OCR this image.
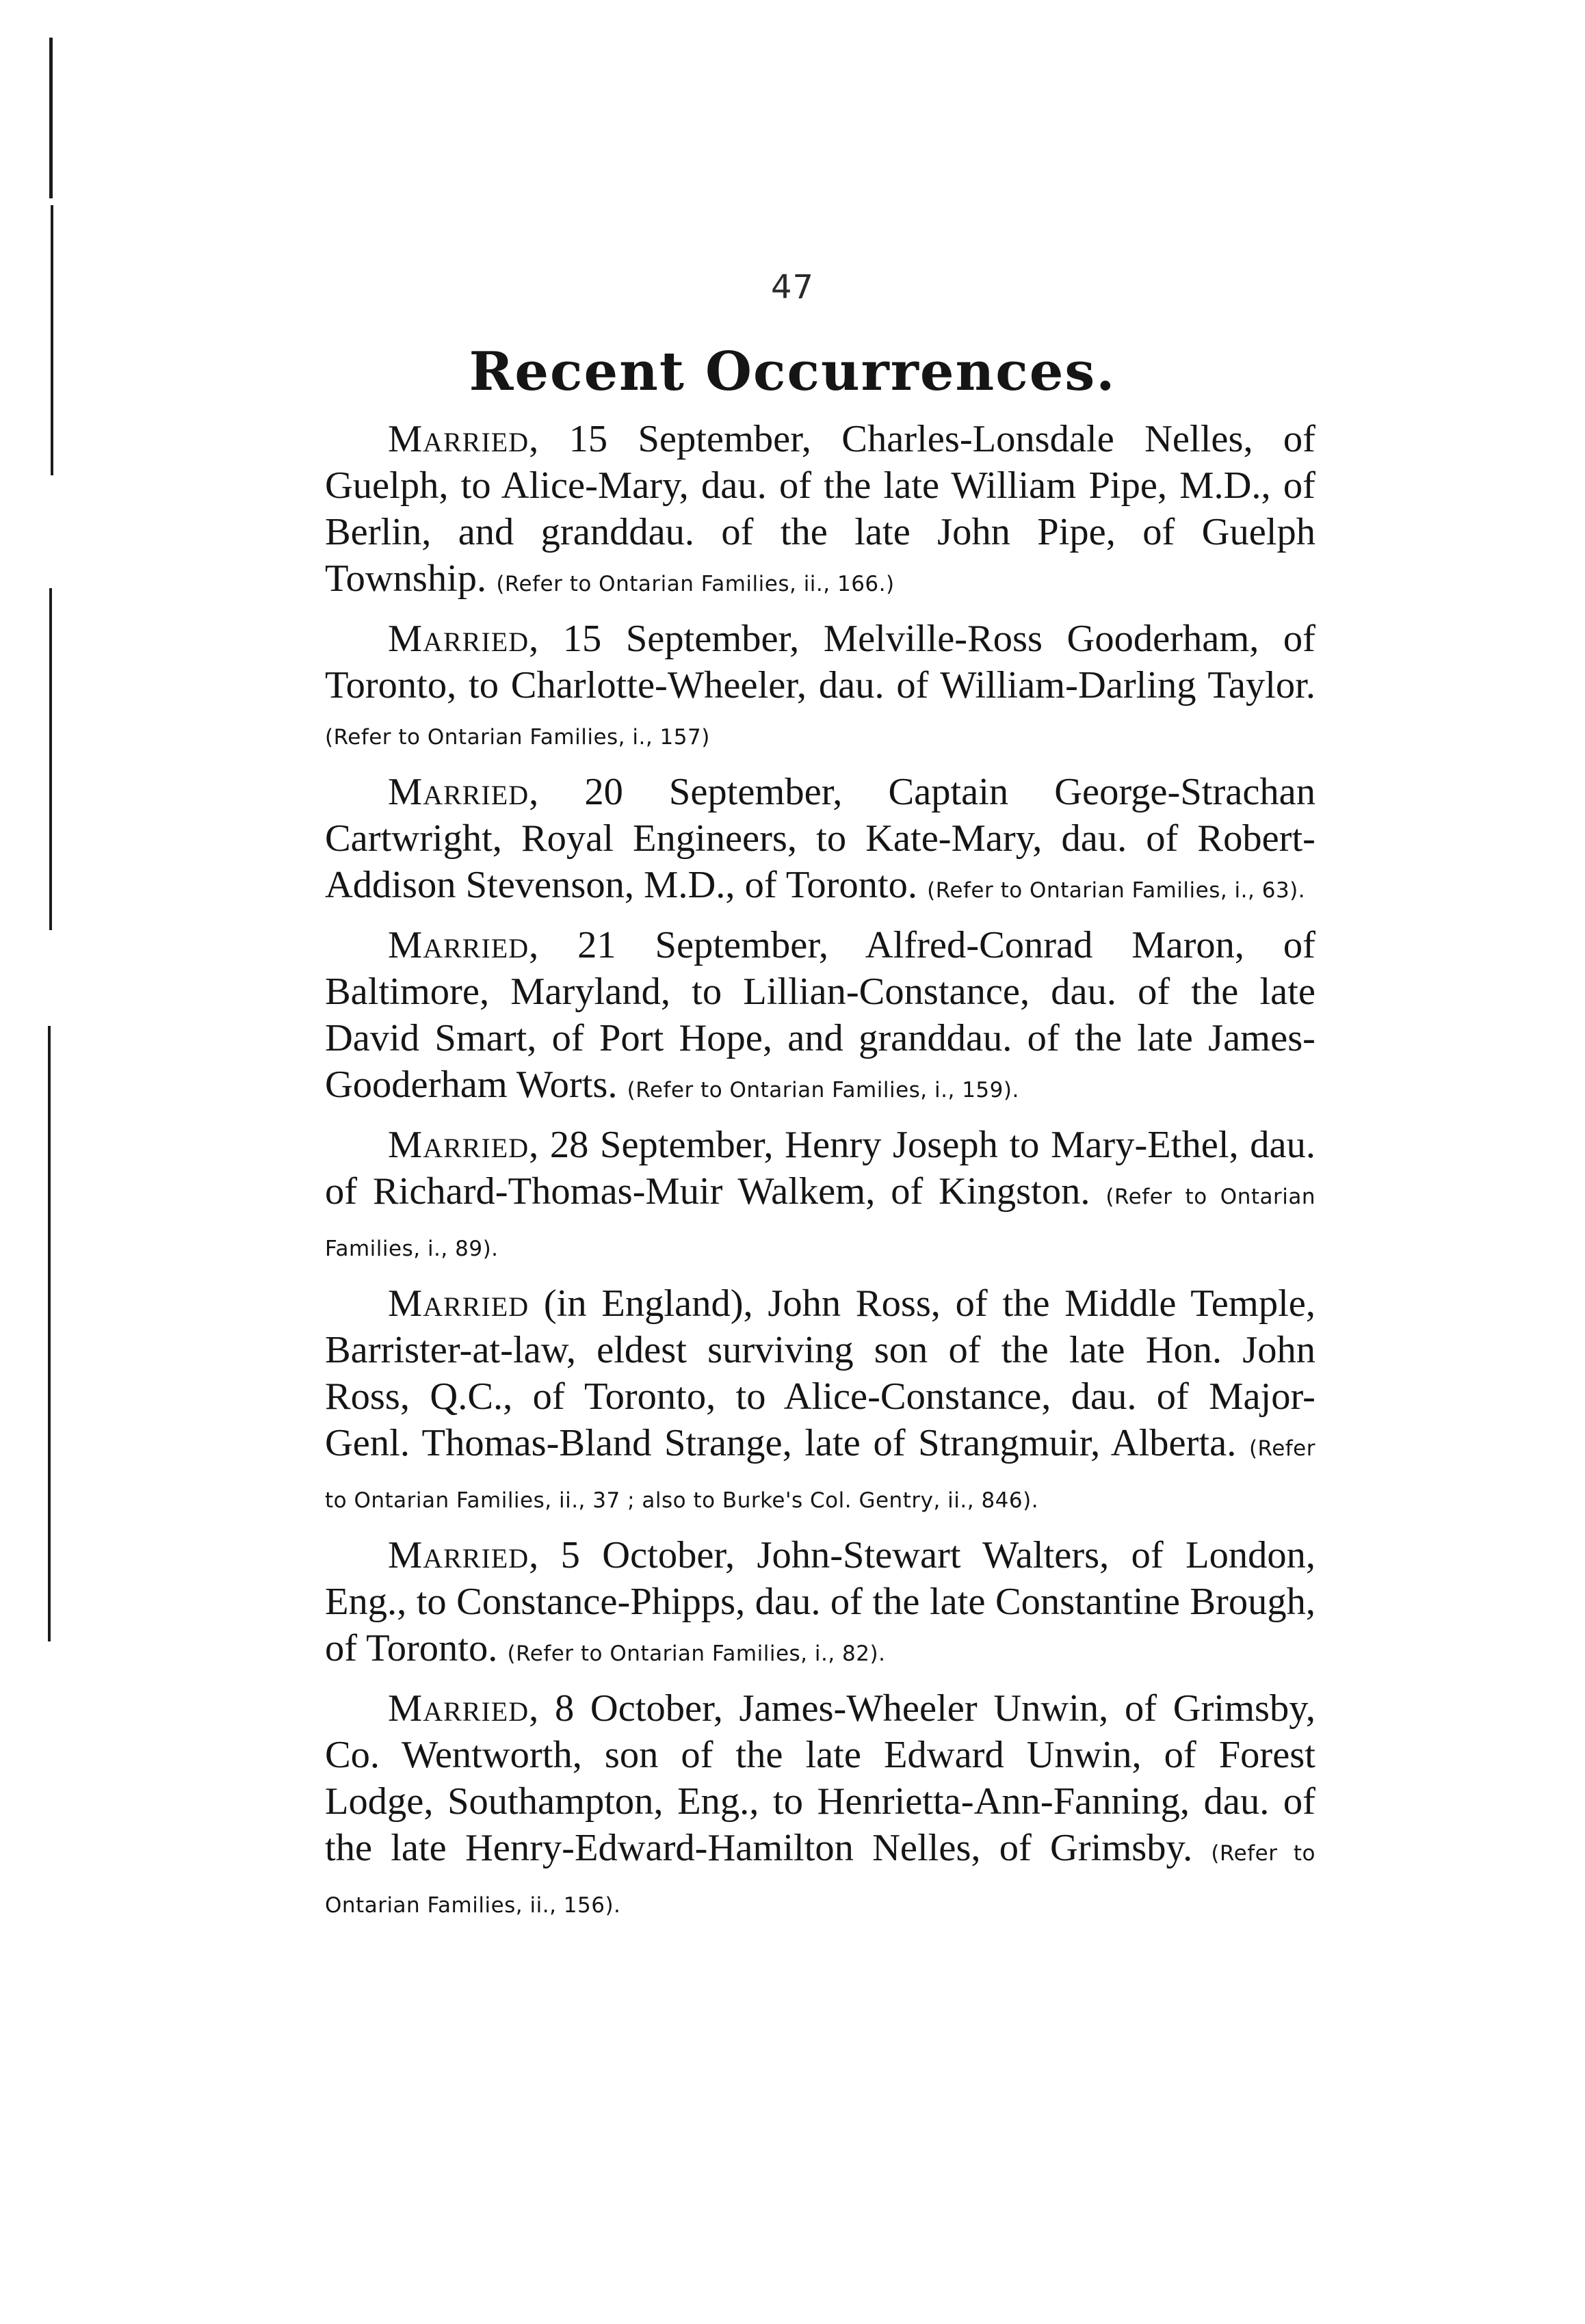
47
Recent Occurrences.

Married, 15 September, Charles-Lonsdale Nelles, of Guelph, to Alice-Mary, dau. of the late William Pipe, M.D., of Berlin, and granddau. of the late John Pipe, of Guelph Township. (Refer to Ontarian Families, ii., 166.)

Married, 15 September, Melville-Ross Gooderham, of Toronto, to Charlotte-Wheeler, dau. of William-Darling Taylor. (Refer to Ontarian Families, i., 157)

Married, 20 September, Captain George-Strachan Cartwright, Royal Engineers, to Kate-Mary, dau. of Robert-Addison Stevenson, M.D., of Toronto. (Refer to Ontarian Families, i., 63).

Married, 21 September, Alfred-Conrad Maron, of Baltimore, Maryland, to Lillian-Constance, dau. of the late David Smart, of Port Hope, and granddau. of the late James-Gooderham Worts. (Refer to Ontarian Families, i., 159).

Married, 28 September, Henry Joseph to Mary-Ethel, dau. of Richard-Thomas-Muir Walkem, of Kingston. (Refer to Ontarian Families, i., 89).

Married (in England), John Ross, of the Middle Temple, Barrister-at-law, eldest surviving son of the late Hon. John Ross, Q.C., of Toronto, to Alice-Constance, dau. of Major-Genl. Thomas-Bland Strange, late of Strangmuir, Alberta. (Refer to Ontarian Families, ii., 37 ; also to Burke's Col. Gentry, ii., 846).

Married, 5 October, John-Stewart Walters, of London, Eng., to Constance-Phipps, dau. of the late Constantine Brough, of Toronto. (Refer to Ontarian Families, i., 82).

Married, 8 October, James-Wheeler Unwin, of Grimsby, Co. Wentworth, son of the late Edward Unwin, of Forest Lodge, Southampton, Eng., to Henrietta-Ann-Fanning, dau. of the late Henry-Edward-Hamilton Nelles, of Grimsby. (Refer to Ontarian Families, ii., 156).
